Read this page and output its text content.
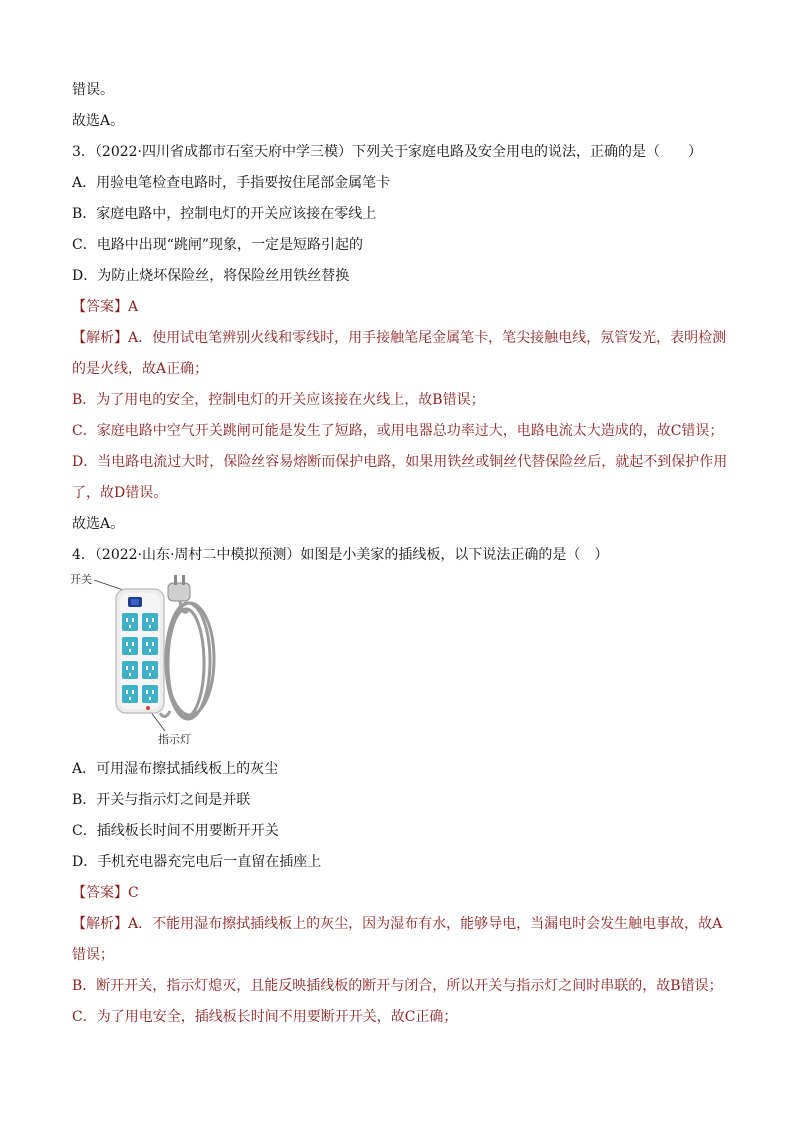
错误。
故选A。
3．（2022·四川省成都市石室天府中学三模）下列关于家庭电路及安全用电的说法，正确的是（　　）
A．用验电笔检查电路时，手指要按住尾部金属笔卡
B．家庭电路中，控制电灯的开关应该接在零线上
C．电路中出现“跳闸”现象，一定是短路引起的
D．为防止烧坏保险丝，将保险丝用铁丝替换
【答案】A
【解析】A．使用试电笔辨别火线和零线时，用手接触笔尾金属笔卡，笔尖接触电线，氖管发光，表明检测
的是火线，故A正确；
B．为了用电的安全，控制电灯的开关应该接在火线上，故B错误；
C．家庭电路中空气开关跳闸可能是发生了短路，或用电器总功率过大，电路电流太大造成的，故C错误；
D．当电路电流过大时，保险丝容易熔断而保护电路，如果用铁丝或铜丝代替保险丝后，就起不到保护作用
了，故D错误。
故选A。
4．（2022·山东·周村二中模拟预测）如图是小美家的插线板，以下说法正确的是（　）
开关
指示灯
A．可用湿布擦拭插线板上的灰尘
B．开关与指示灯之间是并联
C．插线板长时间不用要断开开关
D．手机充电器充完电后一直留在插座上
【答案】C
【解析】A．不能用湿布擦拭插线板上的灰尘，因为湿布有水，能够导电，当漏电时会发生触电事故，故A
错误；
B．断开开关，指示灯熄灭，且能反映插线板的断开与闭合，所以开关与指示灯之间时串联的，故B错误；
C．为了用电安全，插线板长时间不用要断开开关，故C正确；
